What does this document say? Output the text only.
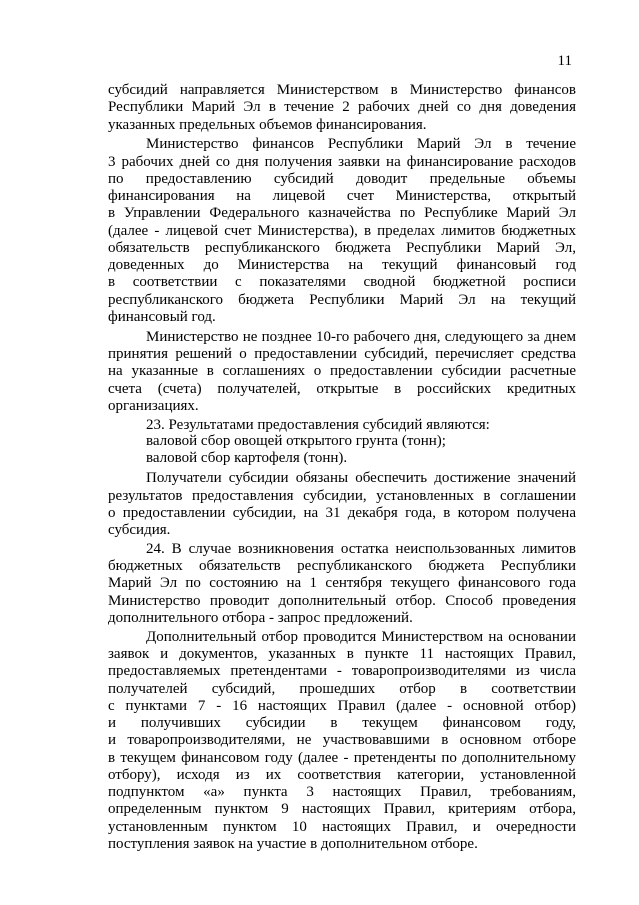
11
субсидий направляется Министерством в Министерство финансов
Республики Марий Эл в течение 2 рабочих дней со дня доведения
указанных предельных объемов финансирования.
Министерство финансов Республики Марий Эл в течение
3 рабочих дней со дня получения заявки на финансирование расходов
по предоставлению субсидий доводит предельные объемы
финансирования на лицевой счет Министерства, открытый
в Управлении Федерального казначейства по Республике Марий Эл
(далее - лицевой счет Министерства), в пределах лимитов бюджетных
обязательств республиканского бюджета Республики Марий Эл,
доведенных до Министерства на текущий финансовый год
в соответствии с показателями сводной бюджетной росписи
республиканского бюджета Республики Марий Эл на текущий
финансовый год.
Министерство не позднее 10-го рабочего дня, следующего за днем
принятия решений о предоставлении субсидий, перечисляет средства
на указанные в соглашениях о предоставлении субсидии расчетные
счета (счета) получателей, открытые в российских кредитных
организациях.
23. Результатами предоставления субсидий являются:
валовой сбор овощей открытого грунта (тонн);
валовой сбор картофеля (тонн).
Получатели субсидии обязаны обеспечить достижение значений
результатов предоставления субсидии, установленных в соглашении
о предоставлении субсидии, на 31 декабря года, в котором получена
субсидия.
24. В случае возникновения остатка неиспользованных лимитов
бюджетных обязательств республиканского бюджета Республики
Марий Эл по состоянию на 1 сентября текущего финансового года
Министерство проводит дополнительный отбор. Способ проведения
дополнительного отбора - запрос предложений.
Дополнительный отбор проводится Министерством на основании
заявок и документов, указанных в пункте 11 настоящих Правил,
предоставляемых претендентами - товаропроизводителями из числа
получателей субсидий, прошедших отбор в соответствии
с пунктами 7 - 16 настоящих Правил (далее - основной отбор)
и получивших субсидии в текущем финансовом году,
и товаропроизводителями, не участвовавшими в основном отборе
в текущем финансовом году (далее - претенденты по дополнительному
отбору), исходя из их соответствия категории, установленной
подпунктом «а» пункта 3 настоящих Правил, требованиям,
определенным пунктом 9 настоящих Правил, критериям отбора,
установленным пунктом 10 настоящих Правил, и очередности
поступления заявок на участие в дополнительном отборе.
